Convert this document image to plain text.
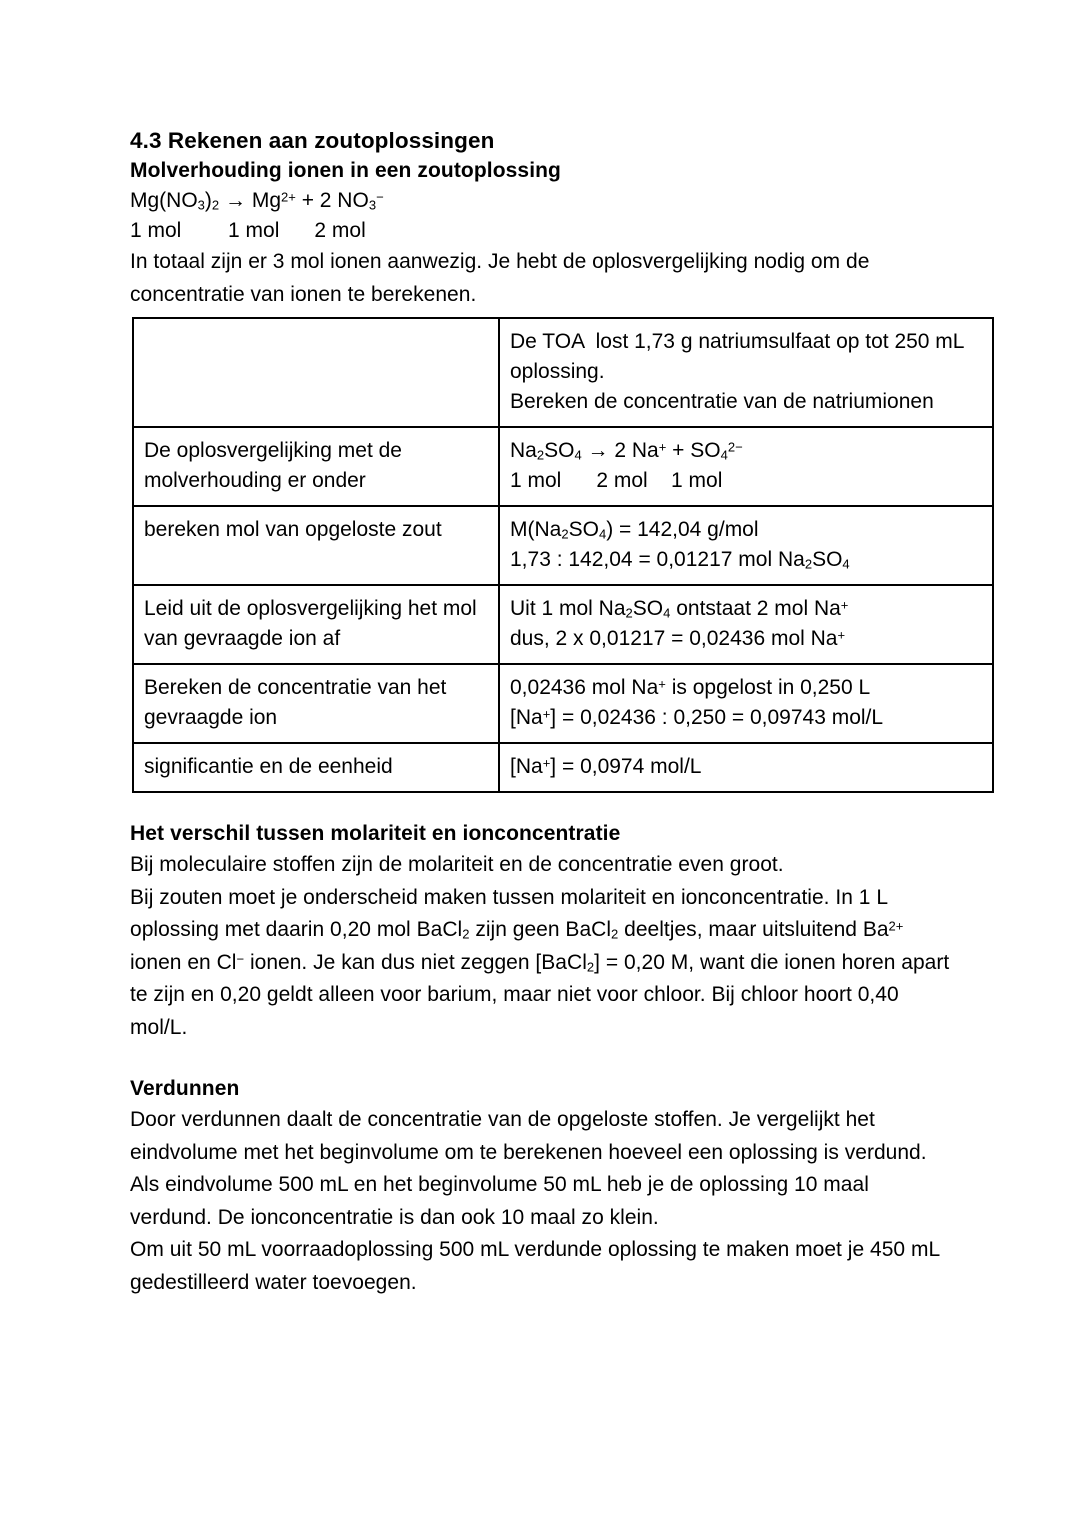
4.3 Rekenen aan zoutoplossingen
Molverhouding ionen in een zoutoplossing
$Mg(NO_3)_2 \to Mg^{2+} + 2$ $NO_3^-$
1 mol        1 mol      2 mol
In totaal zijn er 3 mol ionen aanwezig. Je hebt de oplosvergelijking nodig om de concentratie van ionen te berekenen.

	De TOA  lost 1,73 g natriumsulfaat op tot 250 mL oplossing.
Bereken de concentratie van de natriumionen

De oplosvergelijking met de molverhouding er onder	$Na_2SO_4 \to 2$ $Na^+ + SO_4^{2-}$
1 mol      2 mol    1 mol

bereken mol van opgeloste zout	$M(Na_2SO_4) = 142,04$ g/mol
1,73 : 142,04 = 0,01217 mol $Na_2SO_4$

Leid uit de oplosvergelijking het mol van gevraagde ion af	Uit 1 mol $Na_2SO_4$ ontstaat 2 mol Na+
dus, 2 x 0,01217 = 0,02436 mol Na+

Bereken de concentratie van het gevraagde ion	0,02436 mol Na+ is opgelost in 0,250 L
[Na+] = 0,02436 : 0,250 = 0,09743 mol/L

significantie en de eenheid	[Na+] = 0,0974 mol/L
Het verschil tussen molariteit en ionconcentratie
Bij moleculaire stoffen zijn de molariteit en de concentratie even groot.
Bij zouten moet je onderscheid maken tussen molariteit en ionconcentratie. In 1 L oplossing met daarin 0,20 mol BaCl$_2$ zijn geen BaCl$_2$ deeltjes, maar uitsluitend $Ba^{2+}$ ionen en Cl− ionen. Je kan dus niet zeggen [BaCl$_2$] = 0,20 M, want die ionen horen apart te zijn en 0,20 geldt alleen voor barium, maar niet voor chloor. Bij chloor hoort 0,40 mol/L.
Verdunnen
Door verdunnen daalt de concentratie van de opgeloste stoffen. Je vergelijkt het eindvolume met het beginvolume om te berekenen hoeveel een oplossing is verdund. Als eindvolume 500 mL en het beginvolume 50 mL heb je de oplossing 10 maal verdund. De ionconcentratie is dan ook 10 maal zo klein.
Om uit 50 mL voorraadoplossing 500 mL verdunde oplossing te maken moet je 450 mL gedestilleerd water toevoegen.
